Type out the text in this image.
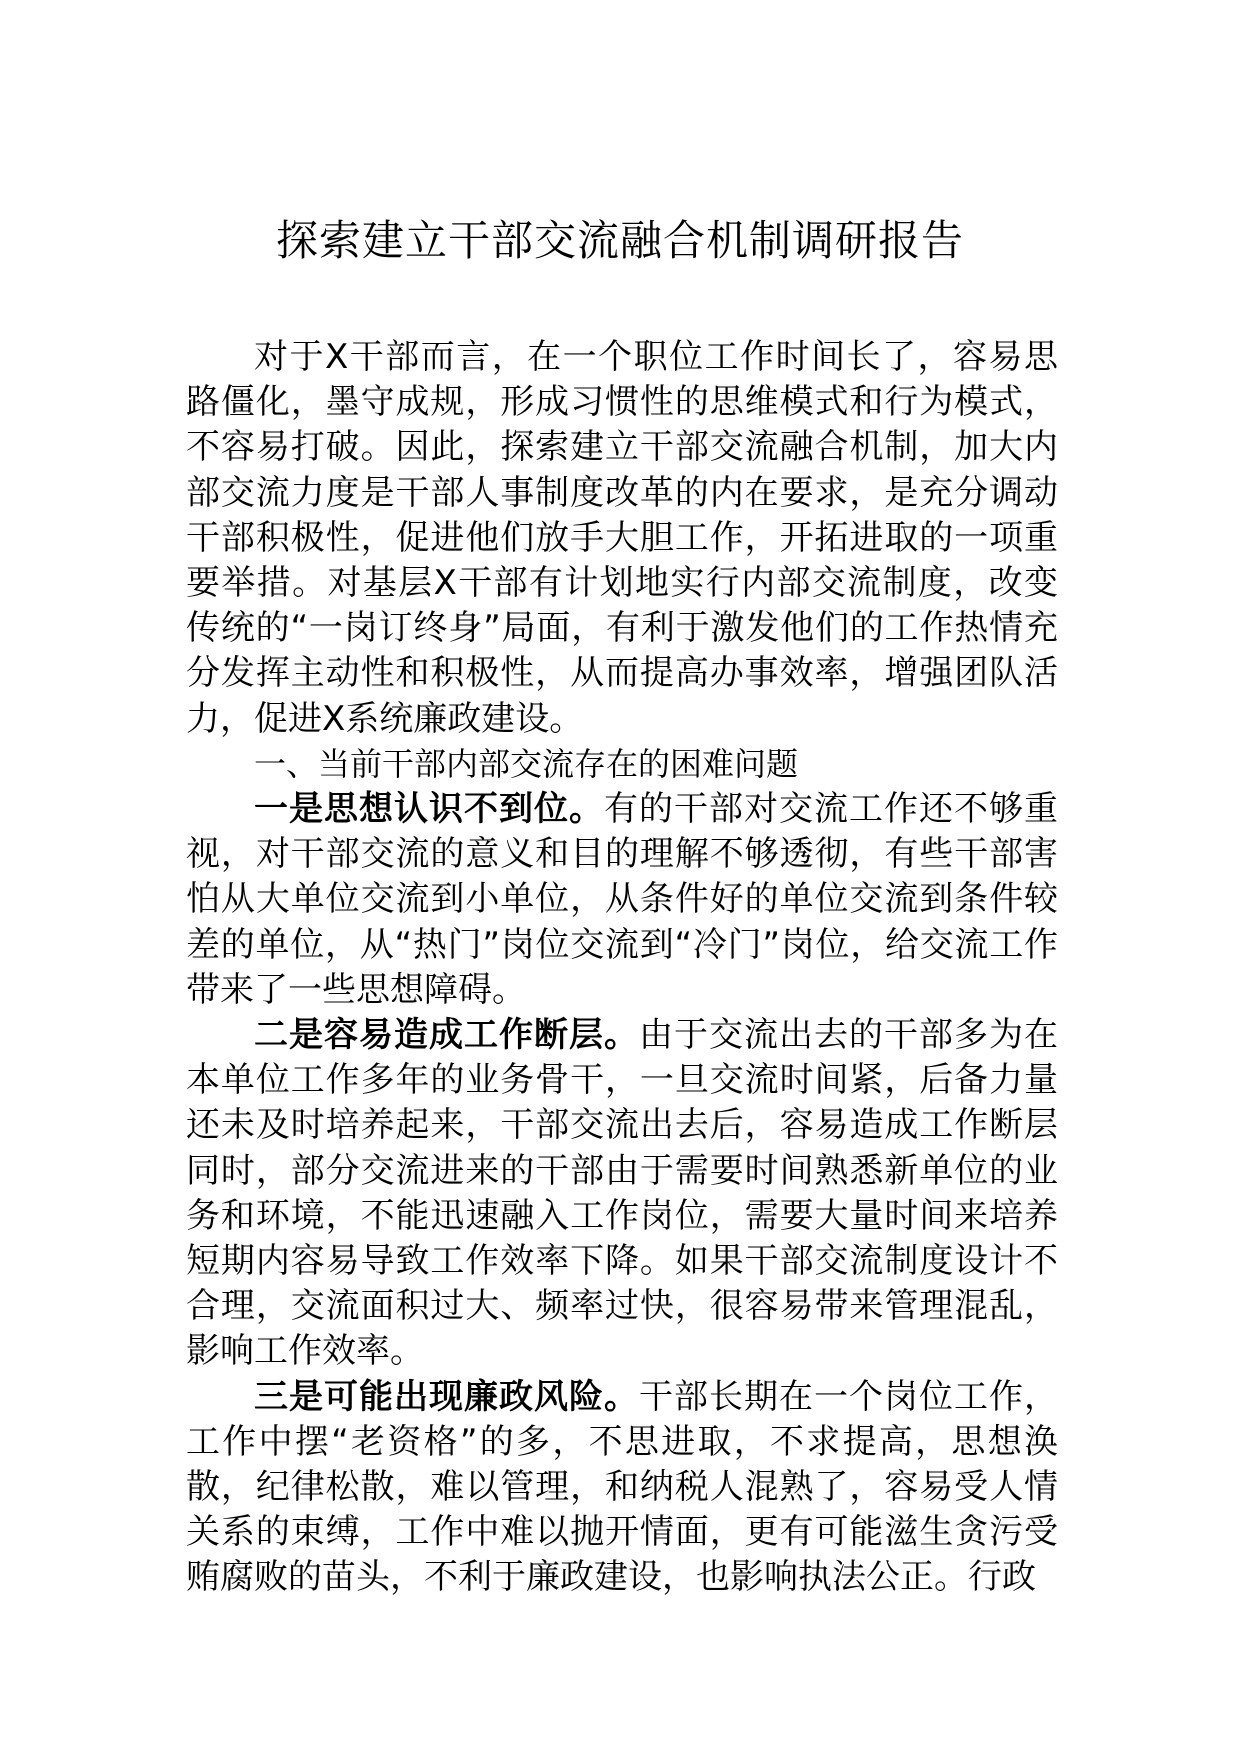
探索建立干部交流融合机制调研报告

对于X干部而言，在一个职位工作时间长了，容易思路僵化，墨守成规，形成习惯性的思维模式和行为模式，不容易打破。因此，探索建立干部交流融合机制，加大内部交流力度是干部人事制度改革的内在要求，是充分调动干部积极性，促进他们放手大胆工作，开拓进取的一项重要举措。对基层X干部有计划地实行内部交流制度，改变传统的“一岗订终身”局面，有利于激发他们的工作热情充分发挥主动性和积极性，从而提高办事效率，增强团队活力，促进X系统廉政建设。

一、当前干部内部交流存在的困难问题

一是思想认识不到位。有的干部对交流工作还不够重视，对干部交流的意义和目的理解不够透彻，有些干部害怕从大单位交流到小单位，从条件好的单位交流到条件较差的单位，从“热门”岗位交流到“冷门”岗位，给交流工作带来了一些思想障碍。

二是容易造成工作断层。由于交流出去的干部多为在本单位工作多年的业务骨干，一旦交流时间紧，后备力量还未及时培养起来，干部交流出去后，容易造成工作断层同时，部分交流进来的干部由于需要时间熟悉新单位的业务和环境，不能迅速融入工作岗位，需要大量时间来培养短期内容易导致工作效率下降。如果干部交流制度设计不合理，交流面积过大、频率过快，很容易带来管理混乱，影响工作效率。

三是可能出现廉政风险。干部长期在一个岗位工作，工作中摆“老资格”的多，不思进取，不求提高，思想涣散，纪律松散，难以管理，和纳税人混熟了，容易受人情关系的束缚，工作中难以抛开情面，更有可能滋生贪污受贿腐败的苗头，不利于廉政建设，也影响执法公正。行政
